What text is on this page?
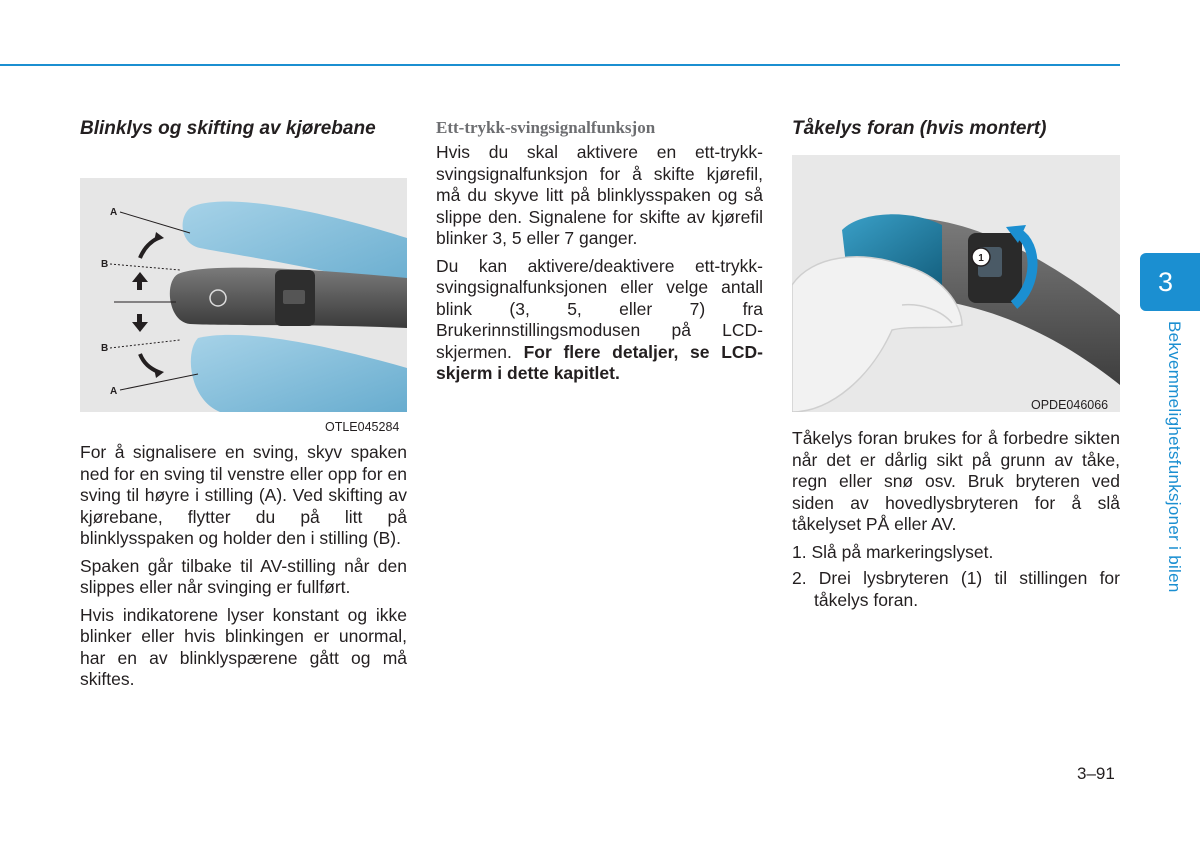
Blinklys og skifting av kjørebane
A
B
B
A
OTLE045284

For å signalisere en sving, skyv spaken ned for en sving til venstre eller opp for en sving til høyre i stilling (A). Ved skifting av kjørebane, flytter du på litt på blinklysspaken og holder den i stilling (B).

Spaken går tilbake til AV-stilling når den slippes eller når svinging er fullført.

Hvis indikatorene lyser konstant og ikke blinker eller hvis blinkingen er unormal, har en av blinklyspærene gått og må skiftes.

Ett-trykk-svingsignalfunksjon

Hvis du skal aktivere en ett-trykk-svingsignalfunksjon for å skifte kjørefil, må du skyve litt på blinklysspaken og så slippe den. Signalene for skifte av kjørefil blinker 3, 5 eller 7 ganger.

Du kan aktivere/deaktivere ett-trykk-svingsignalfunksjonen eller velge antall blink (3, 5, eller 7) fra Brukerinnstillingsmodusen på LCD-skjermen. For flere detaljer, se LCD-skjerm i dette kapitlet.

Tåkelys foran (hvis montert)
1
OPDE046066

Tåkelys foran brukes for å forbedre sikten når det er dårlig sikt på grunn av tåke, regn eller snø osv. Bruk bryteren ved siden av hovedlysbryteren for å slå tåkelyset PÅ eller AV.

1. Slå på markeringslyset.
2. Drei lysbryteren (1) til stillingen for tåkelys foran.
3
Bekvemmelighetsfunksjoner i bilen
3–91
